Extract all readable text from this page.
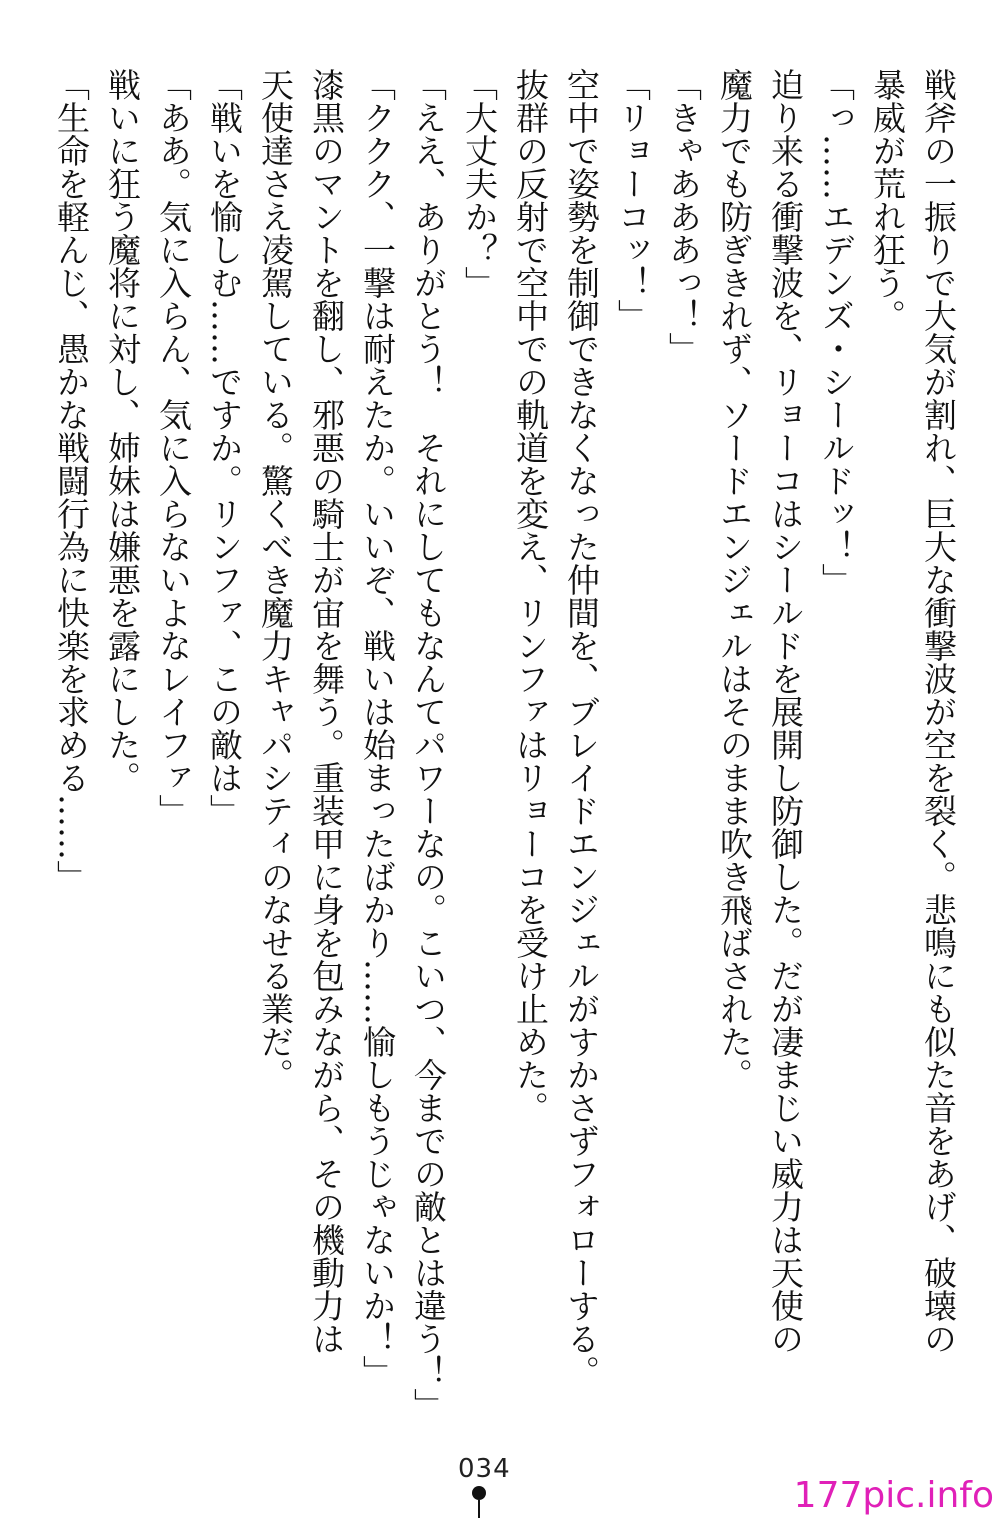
戦斧の一振りで大気が割れ、巨大な衝撃波が空を裂く。悲鳴にも似た音をあげ、破壊の

暴威が荒れ狂う。

「っ……エデンズ・シールドッ！」

迫り来る衝撃波を、リョーコはシールドを展開し防御した。だが凄まじい威力は天使の

魔力でも防ぎきれず、ソードエンジェルはそのまま吹き飛ばされた。

「きゃあああっ！」

「リョーコッ！」

空中で姿勢を制御できなくなった仲間を、ブレイドエンジェルがすかさずフォローする。

抜群の反射で空中での軌道を変え、リンファはリョーコを受け止めた。

「大丈夫か？」

「ええ、ありがとう！　それにしてもなんてパワーなの。こいつ、今までの敵とは違う！」

「ククク、一撃は耐えたか。いいぞ、戦いは始まったばかり……愉しもうじゃないか！」

漆黒のマントを翻し、邪悪の騎士が宙を舞う。重装甲に身を包みながら、その機動力は

天使達さえ凌駕している。驚くべき魔力キャパシティのなせる業だ。

「戦いを愉しむ……ですか。リンファ、この敵は」

「ああ。気に入らん、気に入らないよなレイファ」

戦いに狂う魔将に対し、姉妹は嫌悪を露にした。

「生命を軽んじ、愚かな戦闘行為に快楽を求める……」

034
177pic.info
